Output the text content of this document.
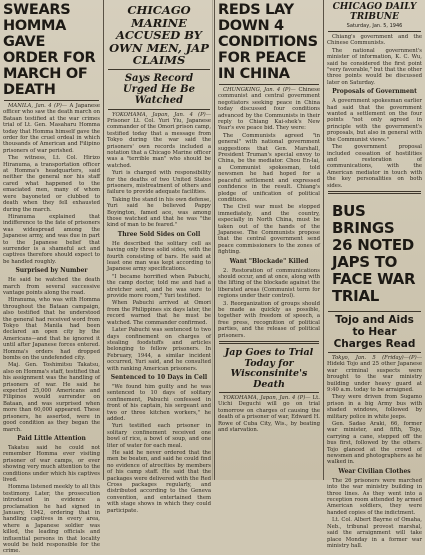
SWEARS HOMMA GAVE ORDER FOR MARCH OF DEATH

MANILA, Jan. 4 (P)— A Japanese officer who saw the death march on Bataan testified at the war crimes trial of Lt. Gen. Masaharu Homma today that Homma himself gave the order for the cruel ordeal in which thousands of American and Filipino prisoners of war perished.

The witness, Lt. Col. Hirizo Hiranuma, a transportation officer at Homma's headquarters, said neither the general nor his staff cared what happened to the emaciated men, many of whom were bayoneted or clubbed to death when they fell exhausted during the march.

Hiranuma explained that indifference to the fate of prisoners was widespread among the Japanese army, and was due in part to the Japanese belief that surrender is a shameful act and captives therefore should expect to be handled roughly.

Surprised by Number

He said he watched the death march from several successive vantage points along the road.

Hiranuma, who was with Homma throughout the Bataan campaign, also testified that he understood the general had received word from Tokyo that Manila had been declared an open city by the Americans—and that he ignored it until after Japanese forces entered. Homma's orders had dropped bombs on the undefended city.

Maj. Gen. Toshimitsu Takatsu, also on Homma's staff, testified that his assignment was the handling of prisoners of war. He said he expected 25,000 Americans and Filipinos would surrender on Bataan, and was surprised when more than 60,000 appeared. These prisoners, he asserted, were in good condition as they began the march.

Paid Little Attention

Takatsu said he could not remember Homma ever visiting prisoner of war camps, or ever showing very much attention to the conditions under which his captives lived.

Homma listened meekly to all this testimony. Later, the prosecution introduced in evidence a proclamation he had signed in January, 1942, ordering that in handling captives in every area, where a Japanese soldier was killed, the leading officials and influential persons in that locality would be held responsible for the crime.

CHICAGO MARINE ACCUSED BY OWN MEN, JAP CLAIMS
Says Record Urged He Be Watched

YOKOHAMA, Japan, Jan. 4 (P)— Prisoner Lt. Col. Yuri Yiu, Japanese commander of the Omori prison camp, testified today that a message from Tokyo during the war said the prisoners' own records included a notation that a Chicago Marine officer was a "terrible man" who should be watched.

Yuri is charged with responsibility for the deaths of two United States prisoners, mistreatment of others and failure to provide adequate facilities.

Taking the stand in his own defense, Yuri said he believed Pappy Boyington, famed ace, was among those watched and that he was "the kind of man to be feared."

Three Sold Sides on Coll

He described the solitary cell as having only three solid sides, with the fourth consisting of bars. He said at least one man was kept according to Japanese army specifications.

"I became horrified when Pabuchi, the camp doctor, told me and had a stretcher sent, and he was sure to provide more room," Yuri testified.

When Pabuchi arrived at Omori from the Philippines six days later, the record warned that he must be watched. The commander confirmed.

Later Pabuchi was sentenced to two days confinement on charges of stealing foodstuffs and articles belonging to fellow prisoners. In February, 1944, a similar incident occurred, Yuri said, and he consulted with ranking American prisoners.

Sentenced to 10 Days in Cell

"We found him guilty and he was sentenced to 10 days of solitary confinement, Pabuchi confessed in front of his captain, his sergeant and two or three kitchen workers," he added.

Yuri testified each prisoner in solitary confinement received one bowl of rice, a bowl of soup, and one liter of water for each meal.

He said he never ordered that the men be beaten, and said he could find no evidence of atrocities by members of his camp staff. He said that the packages were delivered with the Red Cross packages regularly, and distributed according to the Geneva convention, and entertained them with stage shows in which they could participate.

REDS LAY DOWN 4 CONDITIONS FOR PEACE IN CHINA

CHUNGKING, Jan. 4 (P)— Chinese communist and central government negotiators seeking peace in China today discussed four conditions advanced by the Communists in their reply to Chiang Kai-shek's New Year's eve peace bid. They were:

The Communists agreed "in general" with national government suggestions that Gen. Marshall, President Truman's special envoy to China, be the mediator. Chou En-lai, a Communist spokesman, told newsmen he had hoped for a peaceful settlement and expressed confidence in the result. Chiang's pledge of unification of political conditions.

The Civil war must be stopped immediately, and the country, especially in North China, must be taken out of the hands of the Japanese. The Communists propose that the central government send peace commissioners to the zones of fighting.

Want "Blockade" Killed

2. Restoration of communications should occur, and at once, along with the lifting of the blockade against the liberated areas (Communist term for regions under their control).

3. Reorganization of groups should be made as quickly as possible, together with freedom of speech, a free press, recognition of political parties, and the release of political prisoners.

Jap Goes to Trial Today for Wisconsinite's Death

YOKOHAMA, Japan, Jan. 4 (P)— Lt. Uichi Deguchi will go on trial tomorrow on charges of causing the death of a prisoner of war, Edward H. Rowe of Cuba City, Wis., by beating and starvation.

CHICAGO DAILY TRIBUNE
Saturday, Jan. 5, 1946

Chiang's government and the Chinese Communists.

The national government's minister of information, K. C. Wu, said he considered the first point "very favorable," but that the other three points would be discussed later on Saturday.

Proposals of Government

A government spokesman earlier had said that the government wanted a settlement on the four points "not only agreed in principle with the government's proposals, but also in general with the Communist views."

The government proposal included cessation of hostilities and restoration of communications, with the American mediator in touch with the key personalities on both sides.

BUS BRINGS 26 NOTED JAPS TO FACE WAR TRIAL
Tojo and Aids to Hear Charges Read

Tokyo, Jan. 5 (Friday)—(P)— Hideki Tojo and 25 other Japanese war criminal suspects were brought to the war ministry building under heavy guard at 9:40 a.m. today to be arraigned.

They were driven from Sugamo prison in a big Army bus with shaded windows, followed by military police in white jeeps.

Gen. Sadao Araki, 66, former war minister, and fifth, Tojo, carrying a cane, stepped off the bus first, followed by the others. Tojo glanced at the crowd of newsmen and photographers as he walked in.

Wear Civilian Clothes

The 26 prisoners were marched into the war ministry building in three lines. As they went into a reception room attended by armed American soldiers, they were handed copies of the indictment.

Lt. Col. Albert Bayrne of Omaha, Neb., tribunal provost marshal, said the arraignment will take place Monday in a former war ministry hall.
